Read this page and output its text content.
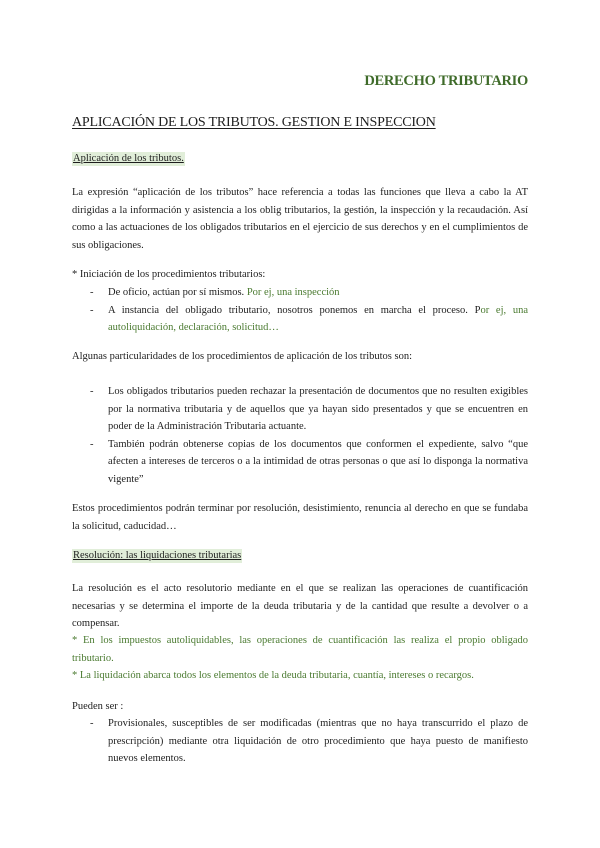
DERECHO TRIBUTARIO
APLICACIÓN DE LOS TRIBUTOS. GESTION E INSPECCION
Aplicación de los tributos.

La expresión “aplicación de los tributos” hace referencia a todas las funciones que lleva a cabo la AT dirigidas a la información y asistencia a los oblig tributarios, la gestión, la inspección y la recaudación. Así como a las actuaciones de los obligados tributarios en el ejercicio de sus derechos y en el cumplimientos de sus obligaciones.

* Iniciación de los procedimientos tributarios:

- De oficio, actúan por sí mismos. Por ej, una inspección
- A instancia del obligado tributario, nosotros ponemos en marcha el proceso. Por ej, una autoliquidación, declaración, solicitud…

Algunas particularidades de los procedimientos de aplicación de los tributos son:

- Los obligados tributarios pueden rechazar la presentación de documentos que no resulten exigibles por la normativa tributaria y de aquellos que ya hayan sido presentados y que se encuentren en poder de la Administración Tributaria actuante.
- También podrán obtenerse copias de los documentos que conformen el expediente, salvo “que afecten a intereses de terceros o a la intimidad de otras personas o que así lo disponga la normativa vigente”

Estos procedimientos podrán terminar por resolución, desistimiento, renuncia al derecho en que se fundaba la solicitud, caducidad…

Resolución: las liquidaciones tributarias

La resolución es el acto resolutorio mediante en el que se realizan las operaciones de cuantificación necesarias y se determina el importe de la deuda tributaria y de la cantidad que resulte a devolver o a compensar.

* En los impuestos autoliquidables, las operaciones de cuantificación las realiza el propio obligado tributario.

* La liquidación abarca todos los elementos de la deuda tributaria, cuantía, intereses o recargos.

Pueden ser :

- Provisionales, susceptibles de ser modificadas (mientras que no haya transcurrido el plazo de prescripción) mediante otra liquidación de otro procedimiento que haya puesto de manifiesto nuevos elementos.
